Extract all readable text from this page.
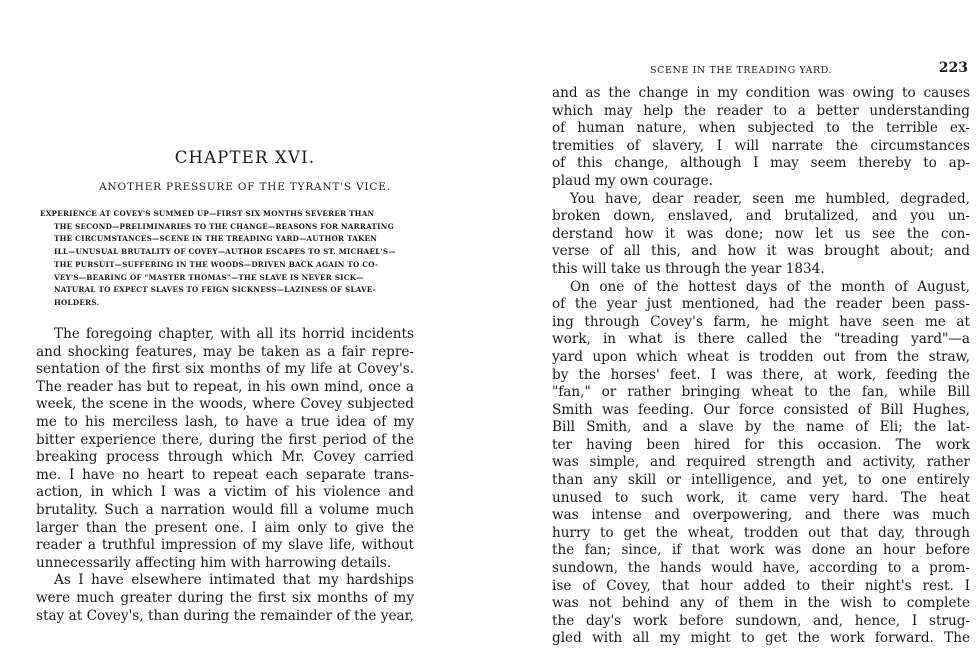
CHAPTER XVI.
ANOTHER PRESSURE OF THE TYRANT'S VICE.
EXPERIENCE AT COVEY'S SUMMED UP—FIRST SIX MONTHS SEVERER THAN
THE SECOND—PRELIMINARIES TO THE CHANGE—REASONS FOR NARRATING
THE CIRCUMSTANCES—SCENE IN THE TREADING YARD—AUTHOR TAKEN
ILL—UNUSUAL BRUTALITY OF COVEY—AUTHOR ESCAPES TO ST. MICHAEL'S—
THE PURSUIT—SUFFERING IN THE WOODS—DRIVEN BACK AGAIN TO CO-
VEY'S—BEARING OF "MASTER THOMAS"—THE SLAVE IS NEVER SICK—
NATURAL TO EXPECT SLAVES TO FEIGN SICKNESS—LAZINESS OF SLAVE-
HOLDERS.
The foregoing chapter, with all its horrid incidents
and shocking features, may be taken as a fair repre-
sentation of the first six months of my life at Covey's.
The reader has but to repeat, in his own mind, once a
week, the scene in the woods, where Covey subjected
me to his merciless lash, to have a true idea of my
bitter experience there, during the first period of the
breaking process through which Mr. Covey carried
me. I have no heart to repeat each separate trans-
action, in which I was a victim of his violence and
brutality. Such a narration would fill a volume much
larger than the present one. I aim only to give the
reader a truthful impression of my slave life, without
unnecessarily affecting him with harrowing details.
As I have elsewhere intimated that my hardships
were much greater during the first six months of my
stay at Covey's, than during the remainder of the year,
SCENE IN THE TREADING YARD.	223
and as the change in my condition was owing to causes
which may help the reader to a better understanding
of human nature, when subjected to the terrible ex-
tremities of slavery, I will narrate the circumstances
of this change, although I may seem thereby to ap-
plaud my own courage.
You have, dear reader, seen me humbled, degraded,
broken down, enslaved, and brutalized, and you un-
derstand how it was done; now let us see the con-
verse of all this, and how it was brought about; and
this will take us through the year 1834.
On one of the hottest days of the month of August,
of the year just mentioned, had the reader been pass-
ing through Covey's farm, he might have seen me at
work, in what is there called the "treading yard"—a
yard upon which wheat is trodden out from the straw,
by the horses' feet. I was there, at work, feeding the
"fan," or rather bringing wheat to the fan, while Bill
Smith was feeding. Our force consisted of Bill Hughes,
Bill Smith, and a slave by the name of Eli; the lat-
ter having been hired for this occasion. The work
was simple, and required strength and activity, rather
than any skill or intelligence, and yet, to one entirely
unused to such work, it came very hard. The heat
was intense and overpowering, and there was much
hurry to get the wheat, trodden out that day, through
the fan; since, if that work was done an hour before
sundown, the hands would have, according to a prom-
ise of Covey, that hour added to their night's rest. I
was not behind any of them in the wish to complete
the day's work before sundown, and, hence, I strug-
gled with all my might to get the work forward. The
